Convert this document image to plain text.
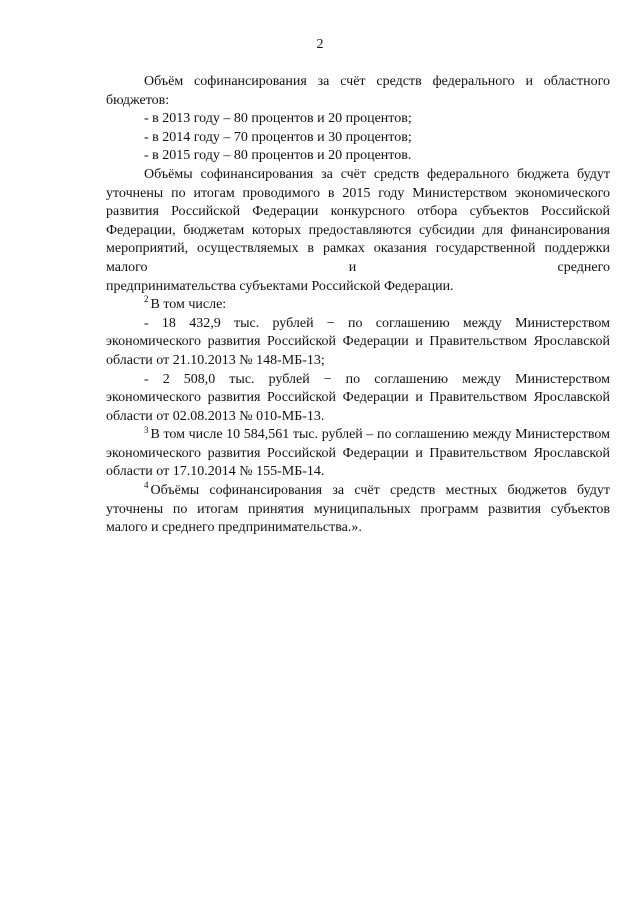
2

Объём софинансирования за счёт средств федерального и областного бюджетов:

- в 2013 году – 80 процентов и 20 процентов;

- в 2014 году – 70 процентов и 30 процентов;

- в 2015 году – 80 процентов и 20 процентов.

Объёмы софинансирования за счёт средств федерального бюджета будут уточнены по итогам проводимого в 2015 году Министерством экономического развития Российской Федерации конкурсного отбора субъектов Российской Федерации, бюджетам которых предоставляются субсидии для финансирования мероприятий, осуществляемых в рамках оказания государственной поддержки малого и среднего

предпринимательства субъектами Российской Федерации.

$^2$ В том числе:

- 18 432,9 тыс. рублей − по соглашению между Министерством экономического развития Российской Федерации и Правительством Ярославской области от 21.10.2013 № 148-МБ-13;

- 2 508,0 тыс. рублей − по соглашению между Министерством экономического развития Российской Федерации и Правительством Ярославской области от 02.08.2013 № 010-МБ-13.

$^3$ В том числе 10 584,561 тыс. рублей – по соглашению между Министерством экономического развития Российской Федерации и Правительством Ярославской области от 17.10.2014 № 155-МБ-14.

$^4$ Объёмы софинансирования за счёт средств местных бюджетов будут уточнены по итогам принятия муниципальных программ развития субъектов малого и среднего предпринимательства.».
